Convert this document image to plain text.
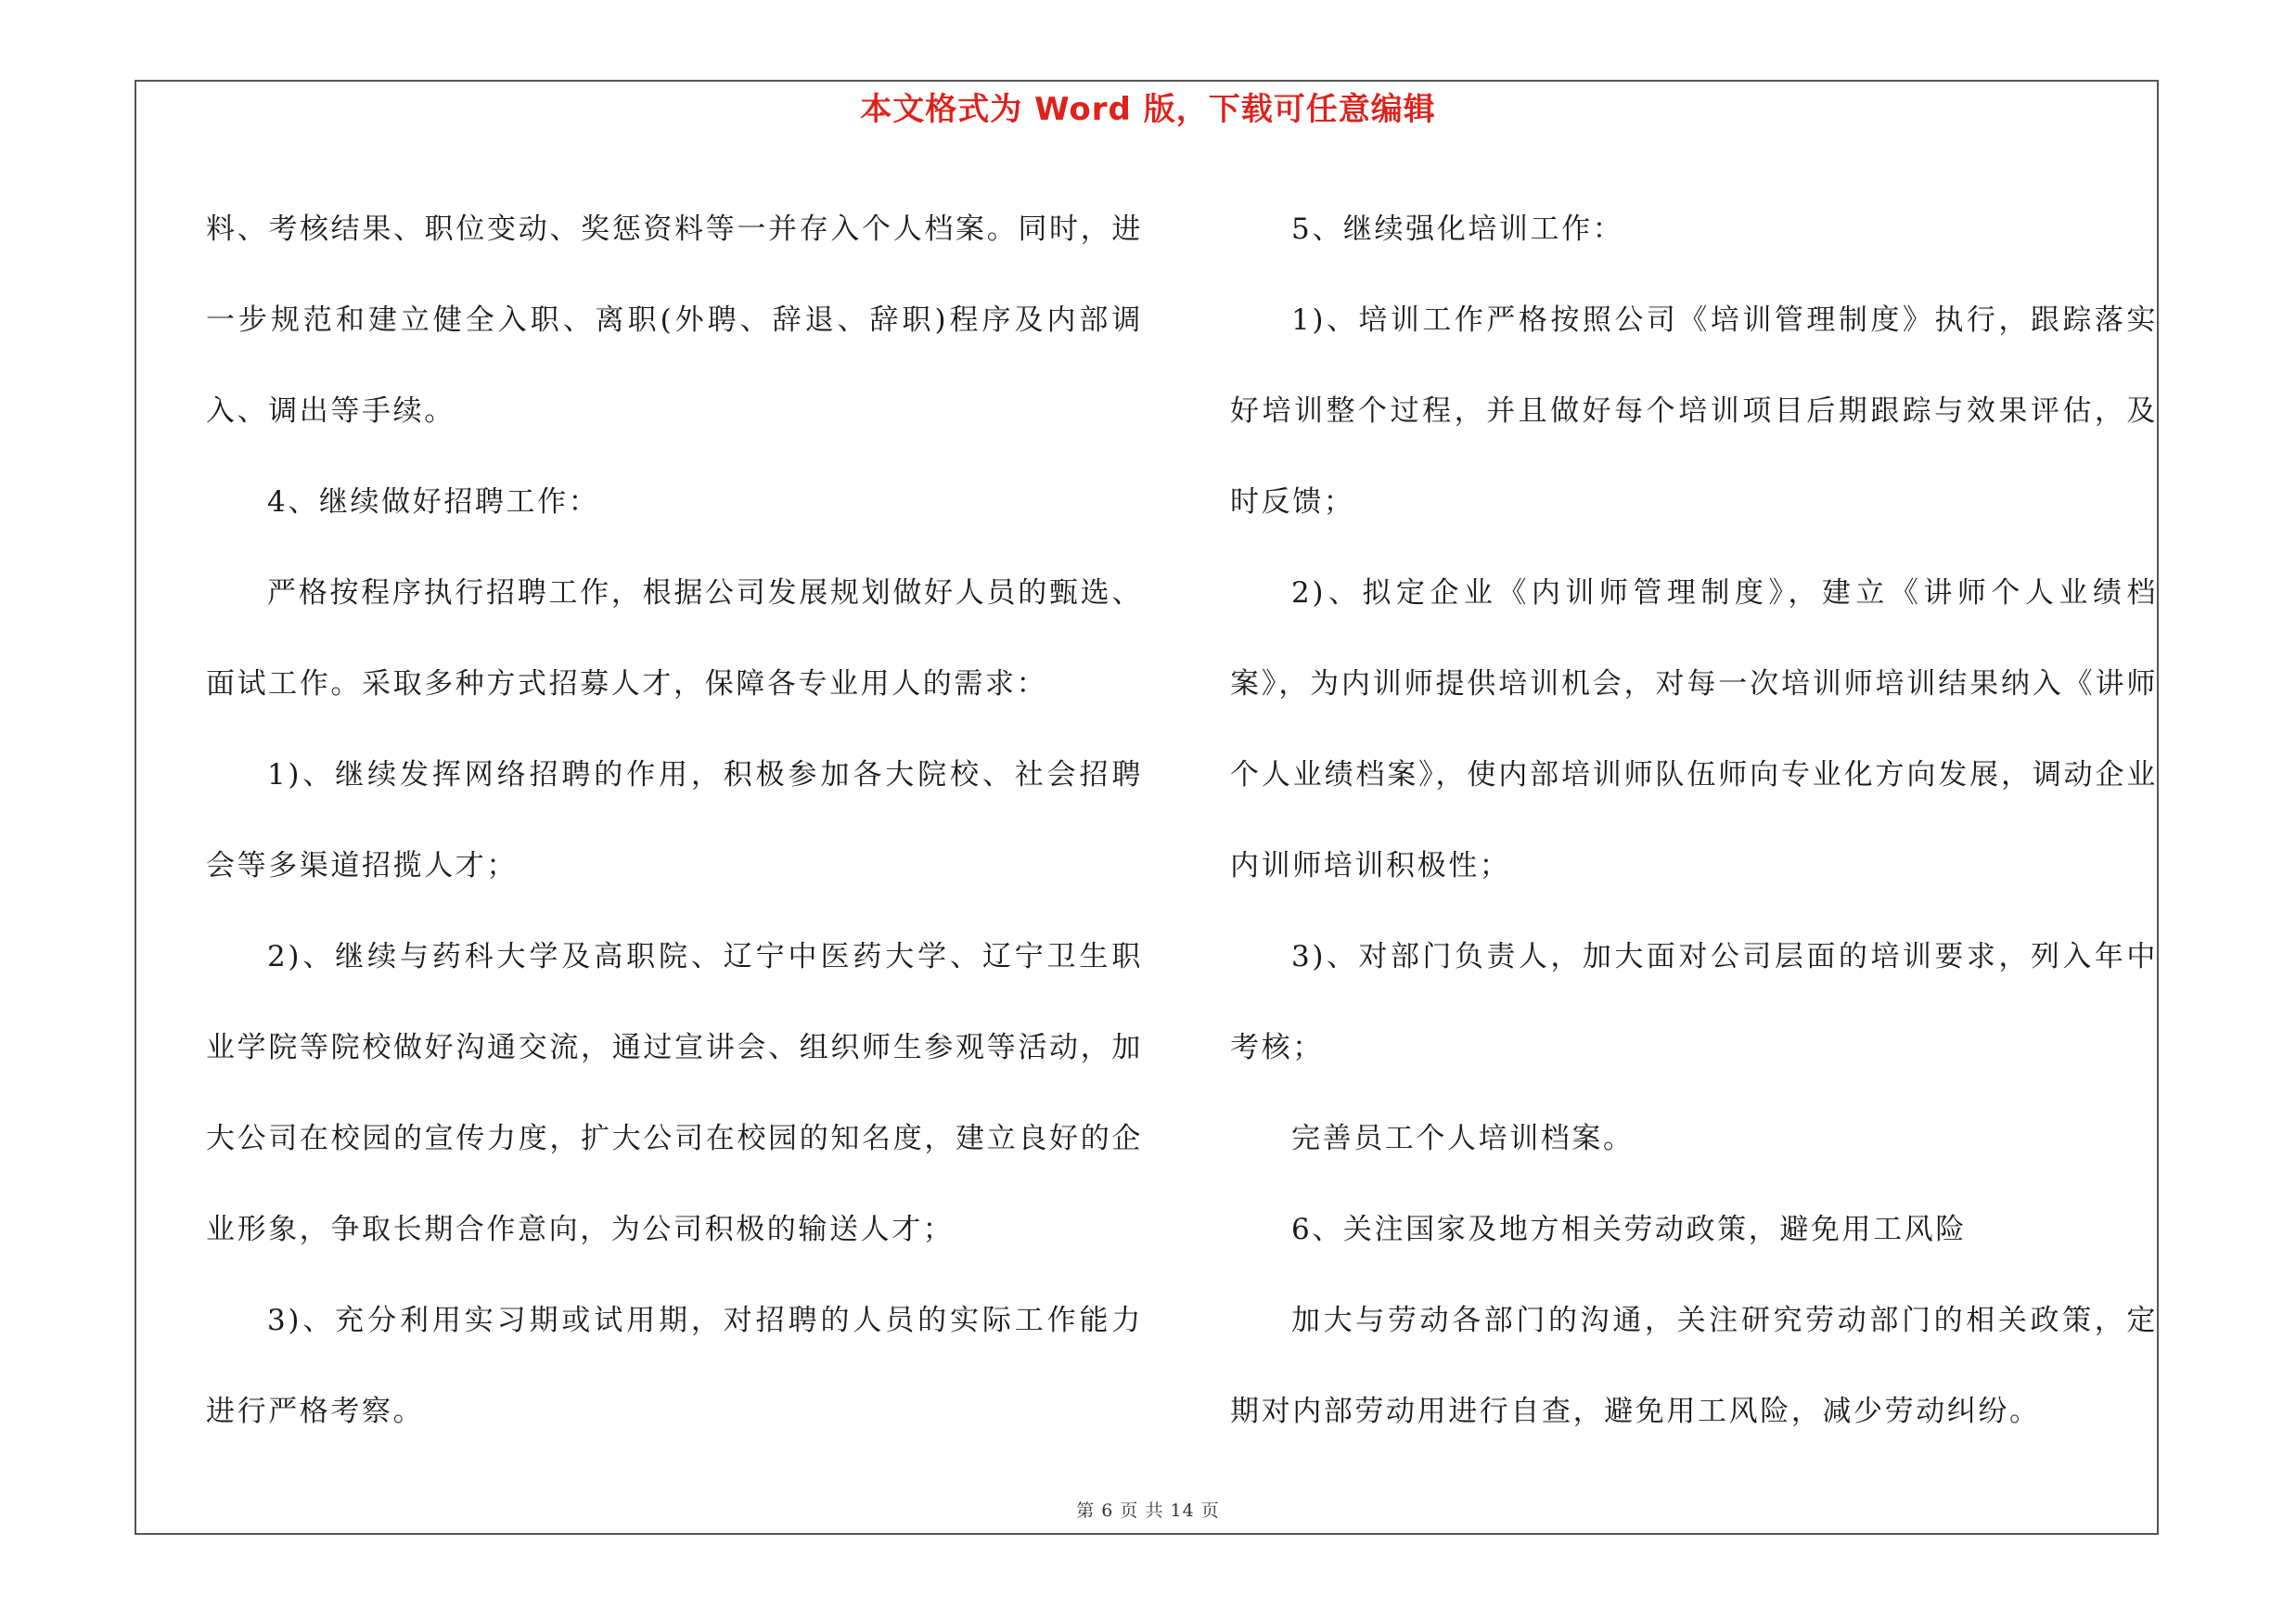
本文格式为 Word 版，下载可任意编辑

料、考核结果、职位变动、奖惩资料等一并存入个人档案。同时，进一步规范和建立健全入职、离职(外聘、辞退、辞职)程序及内部调入、调出等手续。

4、继续做好招聘工作：

严格按程序执行招聘工作，根据公司发展规划做好人员的甄选、面试工作。采取多种方式招募人才，保障各专业用人的需求：

1)、继续发挥网络招聘的作用，积极参加各大院校、社会招聘会等多渠道招揽人才；

2)、继续与药科大学及高职院、辽宁中医药大学、辽宁卫生职业学院等院校做好沟通交流，通过宣讲会、组织师生参观等活动，加大公司在校园的宣传力度，扩大公司在校园的知名度，建立良好的企业形象，争取长期合作意向，为公司积极的输送人才；

3)、充分利用实习期或试用期，对招聘的人员的实际工作能力进行严格考察。

5、继续强化培训工作：

1)、培训工作严格按照公司《培训管理制度》执行，跟踪落实好培训整个过程，并且做好每个培训项目后期跟踪与效果评估，及时反馈；

2)、拟定企业《内训师管理制度》，建立《讲师个人业绩档案》，为内训师提供培训机会，对每一次培训师培训结果纳入《讲师个人业绩档案》，使内部培训师队伍师向专业化方向发展，调动企业内训师培训积极性；

3)、对部门负责人，加大面对公司层面的培训要求，列入年中考核；

完善员工个人培训档案。

6、关注国家及地方相关劳动政策，避免用工风险

加大与劳动各部门的沟通，关注研究劳动部门的相关政策，定期对内部劳动用进行自查，避免用工风险，减少劳动纠纷。

第 6 页 共 14 页
